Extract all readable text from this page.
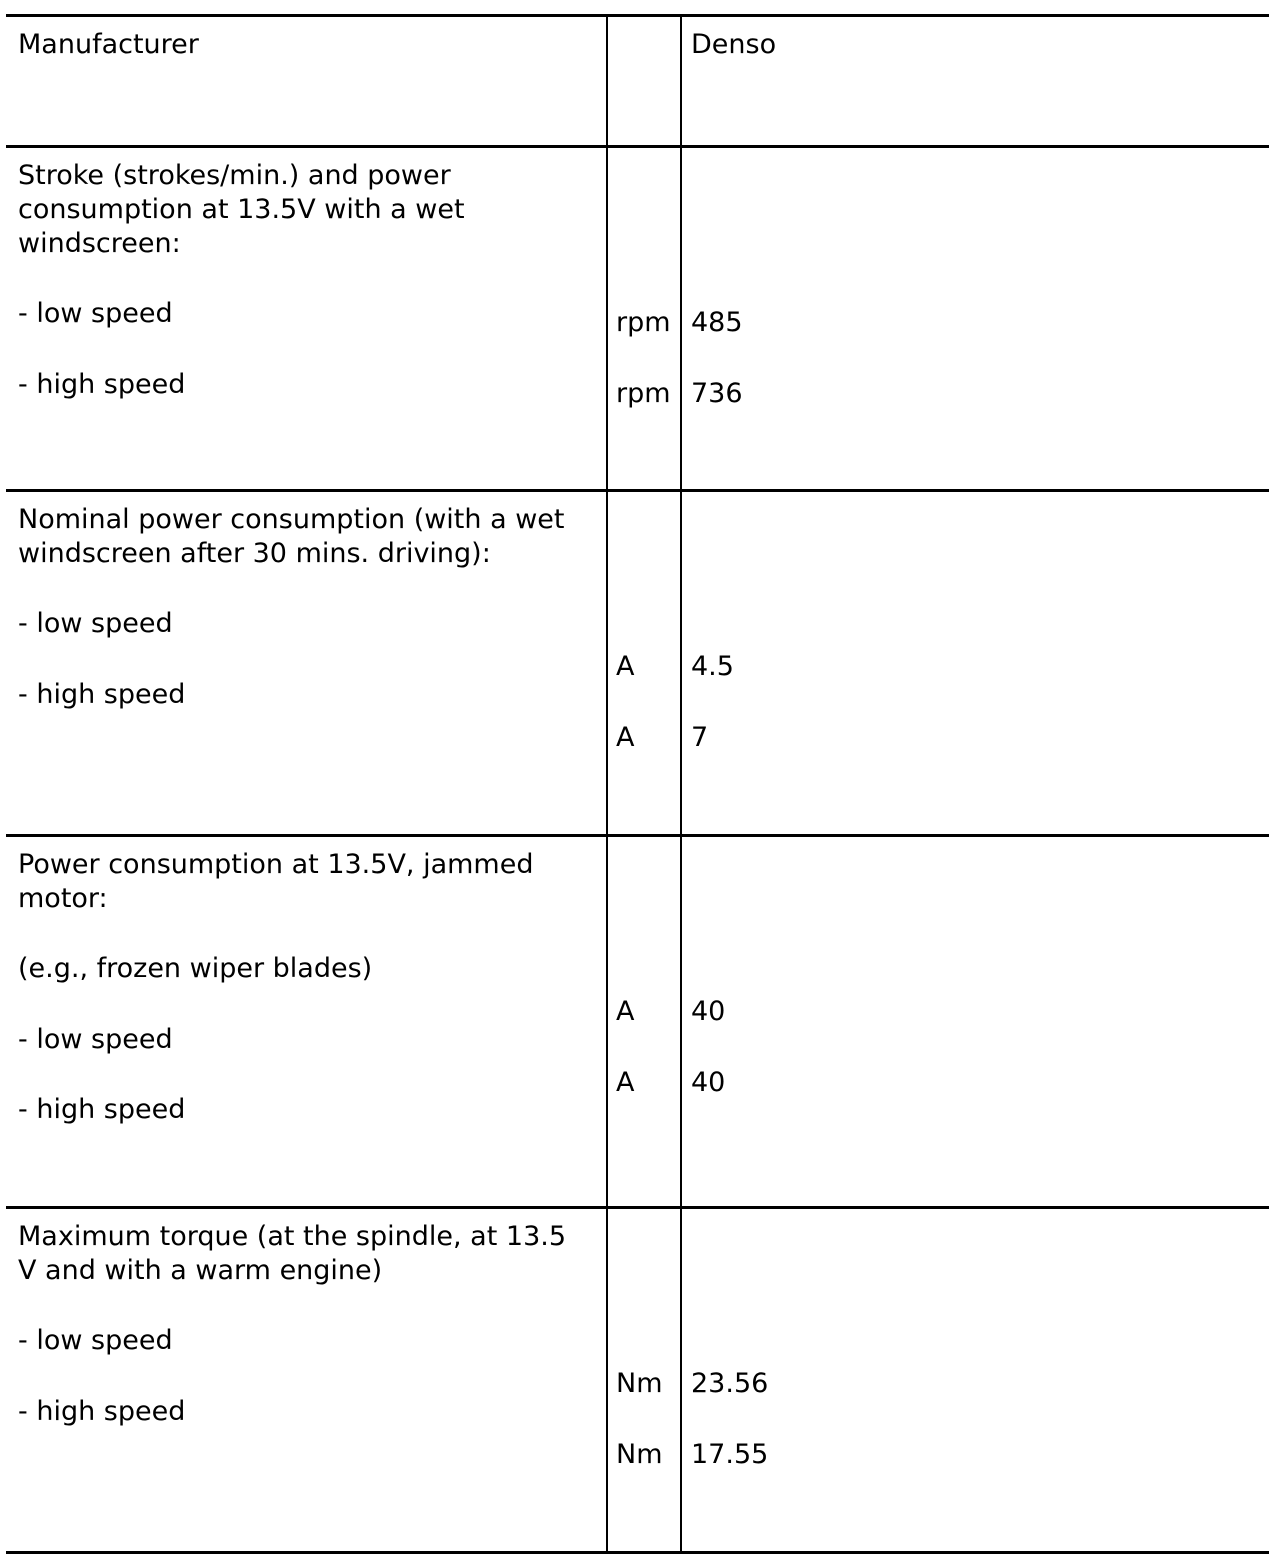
Manufacturer	Denso
Stroke (strokes/min.) and power
consumption at 13.5V with a wet
windscreen:
- low speed
- high speed
rpm
rpm
485
736
Nominal power consumption (with a wet
windscreen after 30 mins. driving):
- low speed
- high speed
A
A
4.5
7
Power consumption at 13.5V, jammed
motor:
(e.g., frozen wiper blades)
- low speed
- high speed
A
A
40
40
Maximum torque (at the spindle, at 13.5
V and with a warm engine)
- low speed
- high speed
Nm
Nm
23.56
17.55
